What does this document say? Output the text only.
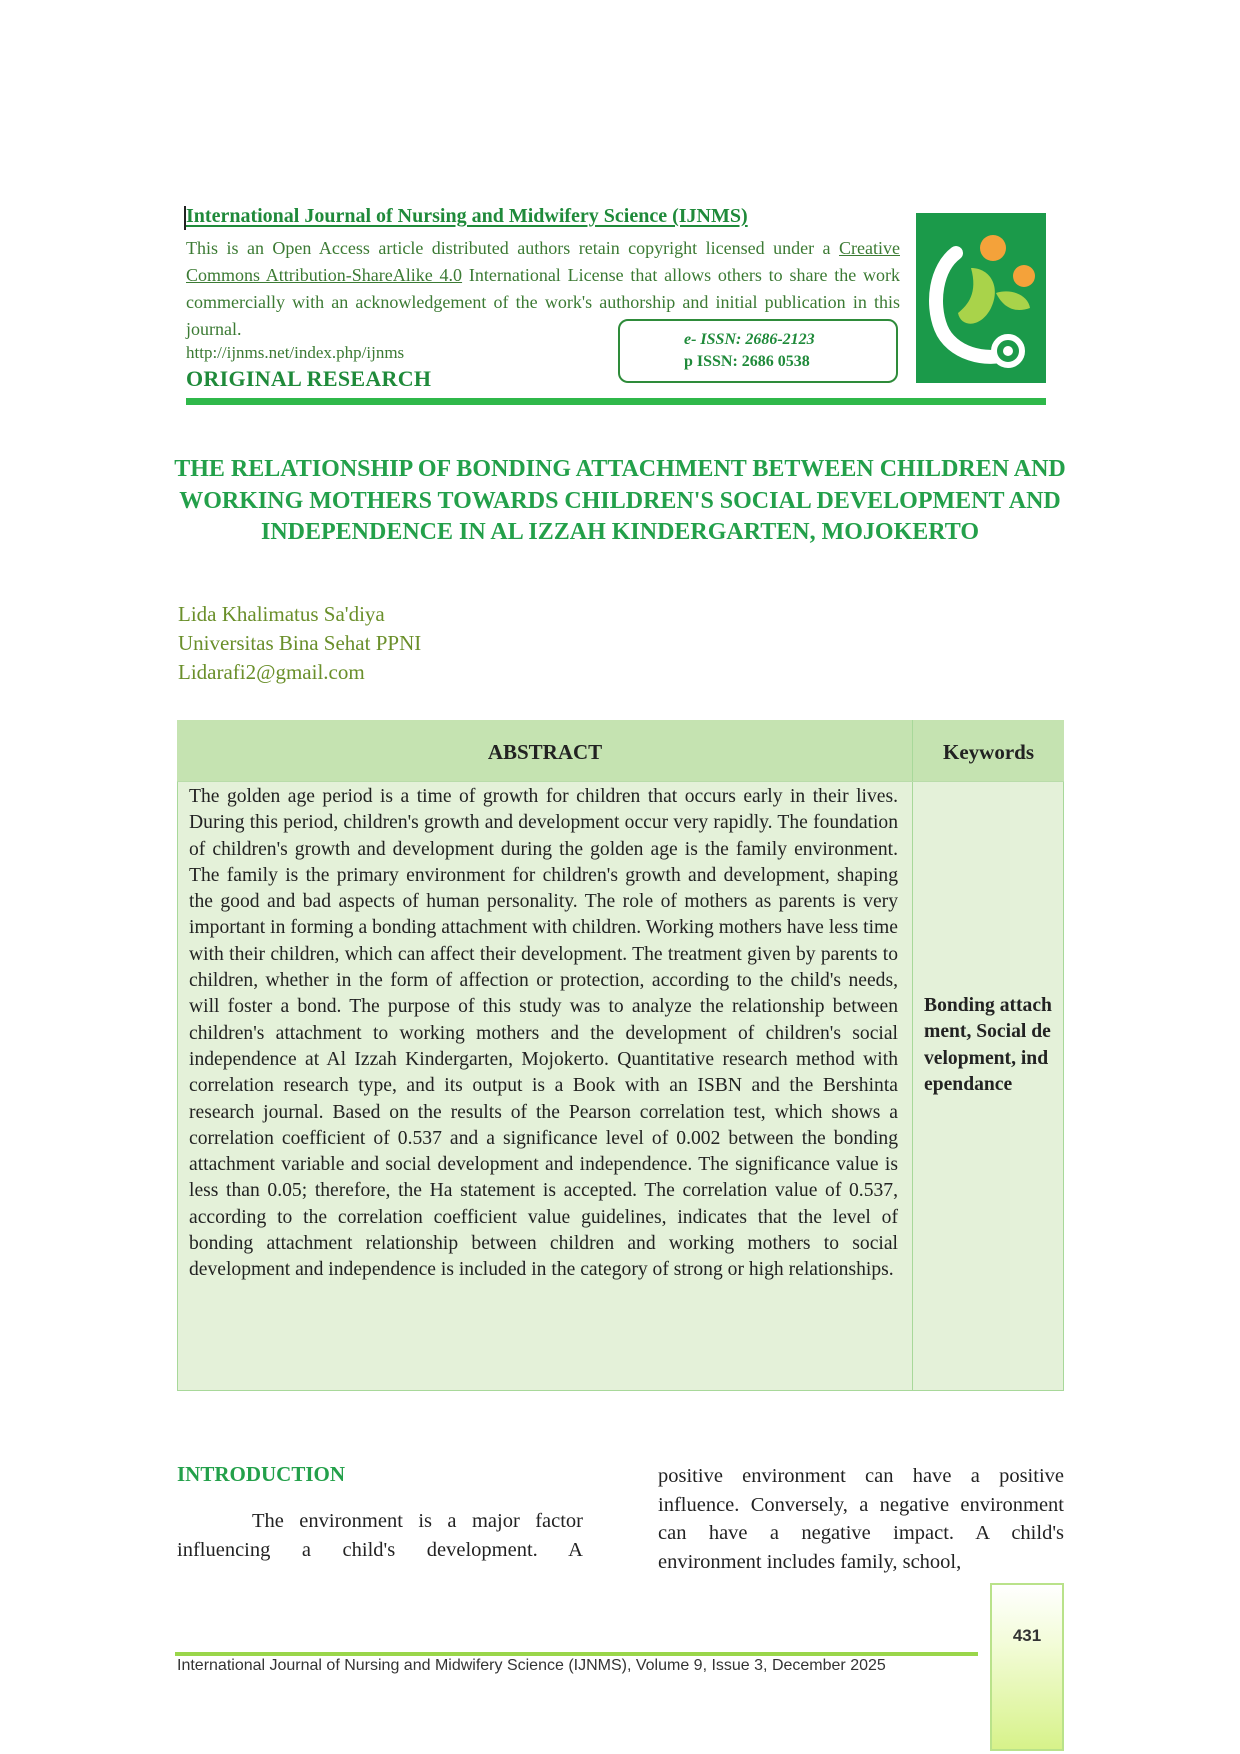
International Journal of Nursing and Midwifery Science (IJNMS)
This is an Open Access article distributed authors retain copyright licensed under a Creative Commons Attribution-ShareAlike 4.0 International License that allows others to share the work commercially with an acknowledgement of the work's authorship and initial publication in this journal.
http://ijnms.net/index.php/ijnms
ORIGINAL RESEARCH
e- ISSN: 2686-2123
p ISSN: 2686 0538
THE RELATIONSHIP OF BONDING ATTACHMENT BETWEEN CHILDREN AND WORKING MOTHERS TOWARDS CHILDREN'S SOCIAL DEVELOPMENT AND INDEPENDENCE IN AL IZZAH KINDERGARTEN, MOJOKERTO
Lida Khalimatus Sa'diya
Universitas Bina Sehat PPNI
Lidarafi2@gmail.com
ABSTRACT	Keywords
The golden age period is a time of growth for children that occurs early in their lives. During this period, children's growth and development occur very rapidly. The foundation of children's growth and development during the golden age is the family environment. The family is the primary environment for children's growth and development, shaping the good and bad aspects of human personality. The role of mothers as parents is very important in forming a bonding attachment with children. Working mothers have less time with their children, which can affect their development. The treatment given by parents to children, whether in the form of affection or protection, according to the child's needs, will foster a bond. The purpose of this study was to analyze the relationship between children's attachment to working mothers and the development of children's social independence at Al Izzah Kindergarten, Mojokerto. Quantitative research method with correlation research type, and its output is a Book with an ISBN and the Bershinta research journal. Based on the results of the Pearson correlation test, which shows a correlation coefficient of 0.537 and a significance level of 0.002 between the bonding attachment variable and social development and independence. The significance value is less than 0.05; therefore, the Ha statement is accepted. The correlation value of 0.537, according to the correlation coefficient value guidelines, indicates that the level of bonding attachment relationship between children and working mothers to social development and independence is included in the category of strong or high relationships.
Bonding attachment, Social development, independance
INTRODUCTION

The environment is a major factor influencing a child's development. A

positive environment can have a positive influence. Conversely, a negative environment can have a negative impact. A child's environment includes family, school,
International Journal of Nursing and Midwifery Science (IJNMS), Volume 9, Issue 3, December 2025
431
